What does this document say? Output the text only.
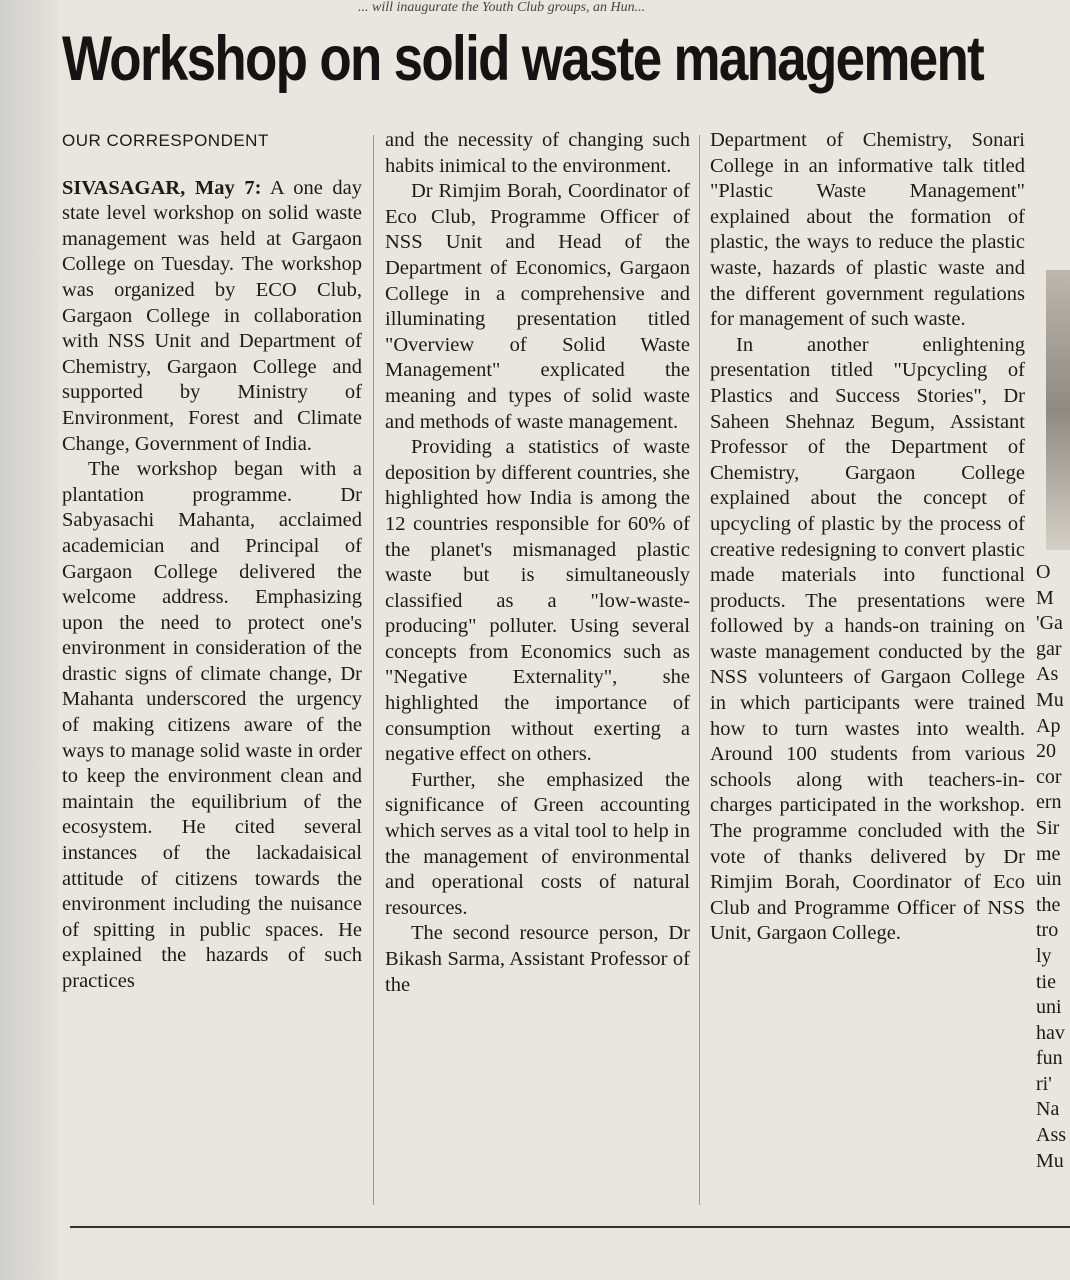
... will inaugurate the Youth Club groups, an Hun...
Workshop on solid waste management
OUR CORRESPONDENT

SIVASAGAR, May 7: A one day state level workshop on solid waste management was held at Gargaon College on Tuesday. The workshop was organized by ECO Club, Gargaon College in collaboration with NSS Unit and Department of Chemistry, Gargaon College and supported by Ministry of Environment, Forest and Climate Change, Government of India.

The workshop began with a plantation programme. Dr Sabyasachi Mahanta, acclaimed academician and Principal of Gargaon College delivered the welcome address. Emphasizing upon the need to protect one's environment in consideration of the drastic signs of climate change, Dr Mahanta underscored the urgency of making citizens aware of the ways to manage solid waste in order to keep the environment clean and maintain the equilibrium of the ecosystem. He cited several instances of the lackadaisical attitude of citizens towards the environment including the nuisance of spitting in public spaces. He explained the hazards of such practices

and the necessity of changing such habits inimical to the environment.

Dr Rimjim Borah, Coordinator of Eco Club, Programme Officer of NSS Unit and Head of the Department of Economics, Gargaon College in a comprehensive and illuminating presentation titled "Overview of Solid Waste Management" explicated the meaning and types of solid waste and methods of waste management.

Providing a statistics of waste deposition by different countries, she highlighted how India is among the 12 countries responsible for 60% of the planet's mismanaged plastic waste but is simultaneously classified as a "low-waste-producing" polluter. Using several concepts from Economics such as "Negative Externality", she highlighted the importance of consumption without exerting a negative effect on others.

Further, she emphasized the significance of Green accounting which serves as a vital tool to help in the management of environmental and operational costs of natural resources.

The second resource person, Dr Bikash Sarma, Assistant Professor of the

Department of Chemistry, Sonari College in an informative talk titled "Plastic Waste Management" explained about the formation of plastic, the ways to reduce the plastic waste, hazards of plastic waste and the different government regulations for management of such waste.

In another enlightening presentation titled "Upcycling of Plastics and Success Stories", Dr Saheen Shehnaz Begum, Assistant Professor of the Department of Chemistry, Gargaon College explained about the concept of upcycling of plastic by the process of creative redesigning to convert plastic made materials into functional products. The presentations were followed by a hands-on training on waste management conducted by the NSS volunteers of Gargaon College in which participants were trained how to turn wastes into wealth. Around 100 students from various schools along with teachers-in-charges participated in the workshop. The programme concluded with the vote of thanks delivered by Dr Rimjim Borah, Coordinator of Eco Club and Programme Officer of NSS Unit, Gargaon College.

O
M
'Ga
gar
As
Mu
Ap
20
cor
ern
Sir
me
uin
the
tro
ly
tie
uni
hav
fun
ri'
Na
Ass
Mu
